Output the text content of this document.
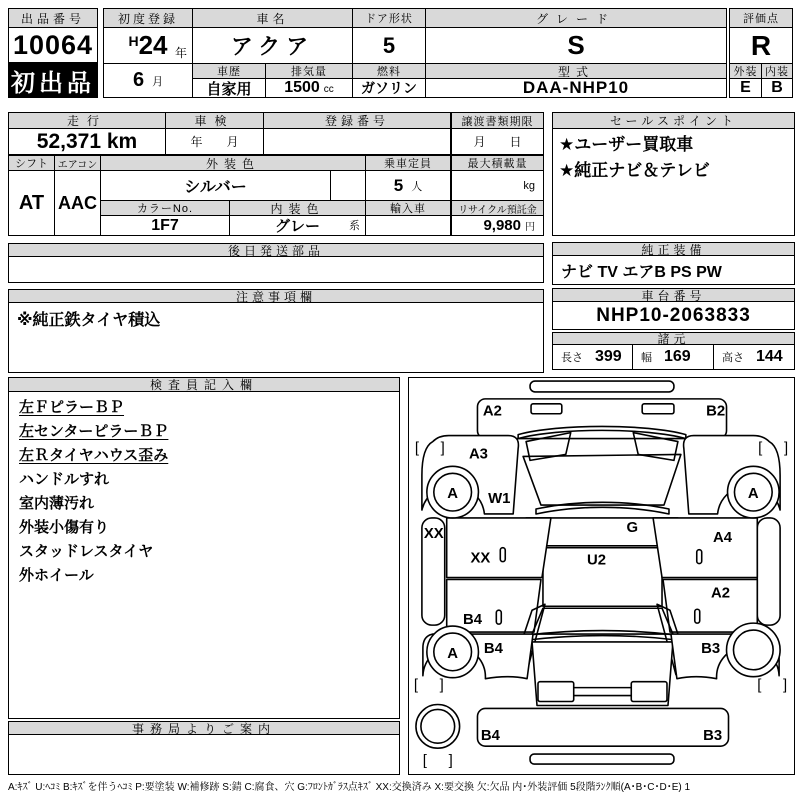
出品番号
10064
初出品
初度登録
H 24 年
6 月
車名
アクア
車歴
自家用
排気量
1500 cc
ドア形状
5
燃料
ガソリン
グレード
S
型式
DAA-NHP10
評価点
R
外装
E
内装
B
走行
52,371 km
車検
年　　月
登録番号	譲渡書類期限
月　　日
セールスポイント
★ユーザー買取車
★純正ナビ＆テレビ
シフト
AT
エアコン
AAC
外装色
シルバー
カラーNo.
1F7
内装色
グレー	系
乗車定員
5 人
輸入車
最大積載量
kg
リサイクル預託金
9,980 円
後日発送部品
注意事項欄
※純正鉄タイヤ積込
純正装備
ナビ TV エアB PS PW
車台番号
NHP10-2063833
諸元
長さ 399 幅 169	高さ 144
検査員記入欄
左ＦピラーＢＰ
左センターピラーＢＰ
左Ｒタイヤハウス歪み
ハンドルすれ
室内薄汚れ
外装小傷有り
スタッドレスタイヤ
外ホイール
事務局よりご案内
A2	B2
A3
A W1	A
XX
XX
G
U2
A4
A2
B4
B4
A	B3
B4	B3
[ ]	[ ]
[ ]	[ ]
[ ]
A:ｷｽﾞ U:ﾍｺﾐ B:ｷｽﾞを伴うﾍｺﾐ P:要塗装 W:補修跡 S:錆 C:腐食、穴 G:ﾌﾛﾝﾄｶﾞﾗｽ点ｷｽﾞ XX:交換済み X:要交換 欠:欠品 内･外装評価 5段階ﾗﾝｸ順(A･B･C･D･E) 1
